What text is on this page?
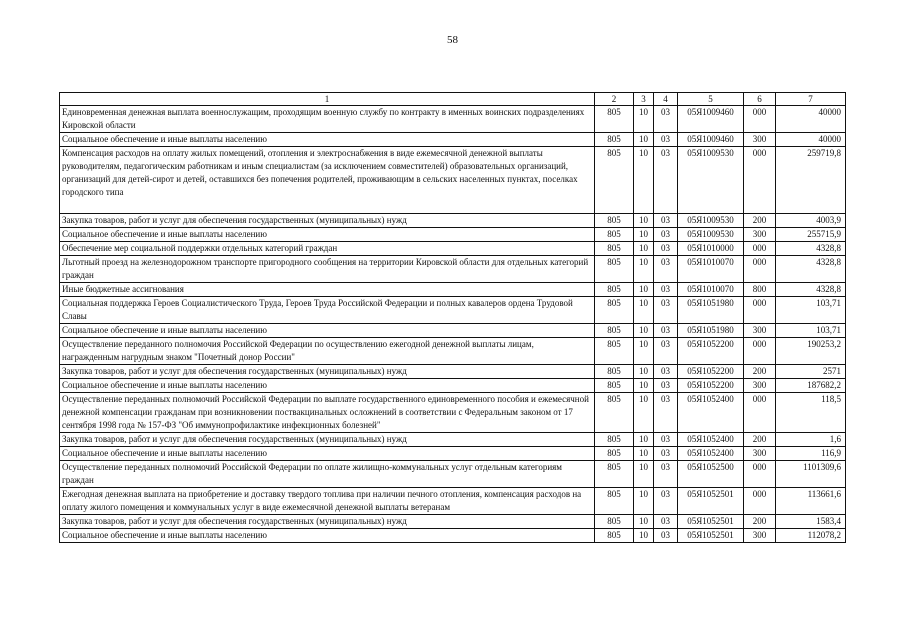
58
1	2	3	4	5	6	7
Единовременная денежная выплата военнослужащим, проходящим военную службу по контракту в именных воинских подразделениях Кировской области	805	10	03	05Я1009460	000	40000
Социальное обеспечение и иные выплаты населению	805	10	03	05Я1009460	300	40000
Компенсация расходов на оплату жилых помещений, отопления и электроснабжения в виде ежемесячной денежной выплаты руководителям, педагогическим работникам и иным специалистам (за исключением совместителей) образовательных организаций, организаций для детей-сирот и детей, оставшихся без попечения родителей, проживающим в сельских населенных пунктах, поселках городского типа	805	10	03	05Я1009530	000	259719,8
Закупка товаров, работ и услуг для обеспечения государственных (муниципальных) нужд	805	10	03	05Я1009530	200	4003,9
Социальное обеспечение и иные выплаты населению	805	10	03	05Я1009530	300	255715,9
Обеспечение мер социальной поддержки отдельных категорий граждан	805	10	03	05Я1010000	000	4328,8
Льготный проезд на железнодорожном транспорте пригородного сообщения на территории Кировской области для отдельных категорий граждан	805	10	03	05Я1010070	000	4328,8
Иные бюджетные ассигнования	805	10	03	05Я1010070	800	4328,8
Социальная поддержка Героев Социалистического Труда, Героев Труда Российской Федерации и полных кавалеров ордена Трудовой Славы	805	10	03	05Я1051980	000	103,71
Социальное обеспечение и иные выплаты населению	805	10	03	05Я1051980	300	103,71
Осуществление переданного полномочия Российской Федерации по осуществлению ежегодной денежной выплаты лицам, награжденным нагрудным знаком "Почетный донор России"	805	10	03	05Я1052200	000	190253,2
Закупка товаров, работ и услуг для обеспечения государственных (муниципальных) нужд	805	10	03	05Я1052200	200	2571
Социальное обеспечение и иные выплаты населению	805	10	03	05Я1052200	300	187682,2
Осуществление переданных полномочий Российской Федерации по выплате государственного единовременного пособия и ежемесячной денежной компенсации гражданам при возникновении поствакцинальных осложнений в соответствии с Федеральным законом от 17 сентября 1998 года № 157-ФЗ "Об иммунопрофилактике инфекционных болезней"	805	10	03	05Я1052400	000	118,5
Закупка товаров, работ и услуг для обеспечения государственных (муниципальных) нужд	805	10	03	05Я1052400	200	1,6
Социальное обеспечение и иные выплаты населению	805	10	03	05Я1052400	300	116,9
Осуществление переданных полномочий Российской Федерации по оплате жилищно-коммунальных услуг отдельным категориям граждан	805	10	03	05Я1052500	000	1101309,6
Ежегодная денежная выплата на приобретение и доставку твердого топлива при наличии печного отопления, компенсация расходов на оплату жилого помещения и коммунальных услуг в виде ежемесячной денежной выплаты ветеранам	805	10	03	05Я1052501	000	113661,6
Закупка товаров, работ и услуг для обеспечения государственных (муниципальных) нужд	805	10	03	05Я1052501	200	1583,4
Социальное обеспечение и иные выплаты населению	805	10	03	05Я1052501	300	112078,2
